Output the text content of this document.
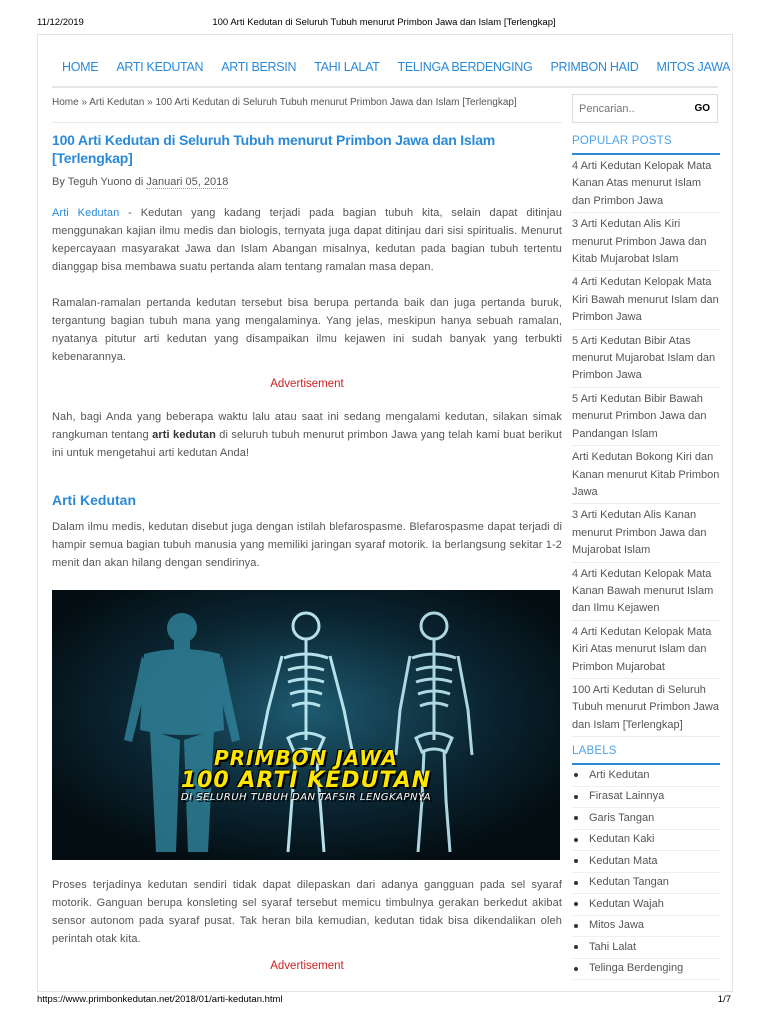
11/12/2019	100 Arti Kedutan di Seluruh Tubuh menurut Primbon Jawa dan Islam [Terlengkap]
HOME ARTI KEDUTAN ARTI BERSIN TAHI LALAT TELINGA BERDENGING PRIMBON HAID MITOS JAWA
Home » Arti Kedutan » 100 Arti Kedutan di Seluruh Tubuh menurut Primbon Jawa dan Islam [Terlengkap]
100 Arti Kedutan di Seluruh Tubuh menurut Primbon Jawa dan Islam [Terlengkap]
By Teguh Yuono di Januari 05, 2018

Arti Kedutan - Kedutan yang kadang terjadi pada bagian tubuh kita, selain dapat ditinjau menggunakan kajian ilmu medis dan biologis, ternyata juga dapat ditinjau dari sisi spiritualis. Menurut kepercayaan masyarakat Jawa dan Islam Abangan misalnya, kedutan pada bagian tubuh tertentu dianggap bisa membawa suatu pertanda alam tentang ramalan masa depan.

Ramalan-ramalan pertanda kedutan tersebut bisa berupa pertanda baik dan juga pertanda buruk, tergantung bagian tubuh mana yang mengalaminya. Yang jelas, meskipun hanya sebuah ramalan, nyatanya pitutur arti kedutan yang disampaikan ilmu kejawen ini sudah banyak yang terbukti kebenarannya.

Advertisement

Nah, bagi Anda yang beberapa waktu lalu atau saat ini sedang mengalami kedutan, silakan simak rangkuman tentang arti kedutan di seluruh tubuh menurut primbon Jawa yang telah kami buat berikut ini untuk mengetahui arti kedutan Anda!

Arti Kedutan

Dalam ilmu medis, kedutan disebut juga dengan istilah blefarospasme. Blefarospasme dapat terjadi di hampir semua bagian tubuh manusia yang memiliki jaringan syaraf motorik. Ia berlangsung sekitar 1-2 menit dan akan hilang dengan sendirinya.

PRIMBON JAWA
100 ARTI KEDUTAN
DI SELURUH TUBUH DAN TAFSIR LENGKAPNYA

Proses terjadinya kedutan sendiri tidak dapat dilepaskan dari adanya gangguan pada sel syaraf motorik. Ganguan berupa konsleting sel syaraf tersebut memicu timbulnya gerakan berkedut akibat sensor autonom pada syaraf pusat. Tak heran bila kemudian, kedutan tidak bisa dikendalikan oleh perintah otak kita.

Advertisement

Pencarian..
GO
POPULAR POSTS
4 Arti Kedutan Kelopak Mata Kanan Atas menurut Islam dan Primbon Jawa
3 Arti Kedutan Alis Kiri menurut Primbon Jawa dan Kitab Mujarobat Islam
4 Arti Kedutan Kelopak Mata Kiri Bawah menurut Islam dan Primbon Jawa
5 Arti Kedutan Bibir Atas menurut Mujarobat Islam dan Primbon Jawa
5 Arti Kedutan Bibir Bawah menurut Primbon Jawa dan Pandangan Islam
Arti Kedutan Bokong Kiri dan Kanan menurut Kitab Primbon Jawa
3 Arti Kedutan Alis Kanan menurut Primbon Jawa dan Mujarobat Islam
4 Arti Kedutan Kelopak Mata Kanan Bawah menurut Islam dan Ilmu Kejawen
4 Arti Kedutan Kelopak Mata Kiri Atas menurut Islam dan Primbon Mujarobat
100 Arti Kedutan di Seluruh Tubuh menurut Primbon Jawa dan Islam [Terlengkap]
LABELS
Arti Kedutan
Firasat Lainnya
Garis Tangan
Kedutan Kaki
Kedutan Mata
Kedutan Tangan
Kedutan Wajah
Mitos Jawa
Tahi Lalat
Telinga Berdenging
https://www.primbonkedutan.net/2018/01/arti-kedutan.html	1/7
